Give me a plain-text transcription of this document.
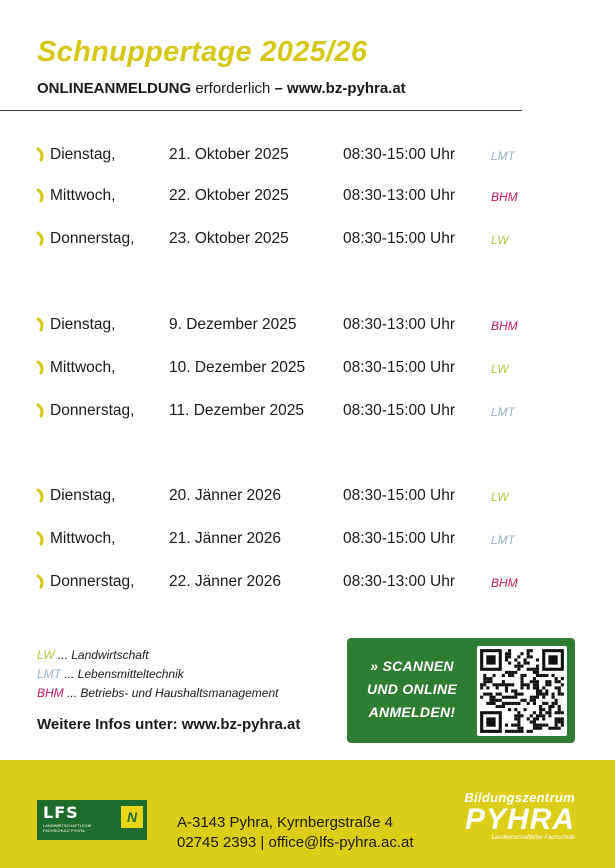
Schnuppertage 2025/26
ONLINEANMELDUNG erforderlich – www.bz-pyhra.at
Dienstag,	21. Oktober 2025	08:30-15:00 Uhr	LMT
Mittwoch,	22. Oktober 2025	08:30-13:00 Uhr	BHM
Donnerstag, 23. Oktober 2025	08:30-15:00 Uhr	LW
Dienstag,	9. Dezember 2025	08:30-13:00 Uhr	BHM
Mittwoch,	10. Dezember 2025 08:30-15:00 Uhr	LW
Donnerstag, 11. Dezember 2025	08:30-15:00 Uhr	LMT
Dienstag,	20. Jänner 2026	08:30-15:00 Uhr	LW
Mittwoch,	21. Jänner 2026	08:30-15:00 Uhr	LMT
Donnerstag, 22. Jänner 2026	08:30-13:00 Uhr	BHM
LW ... Landwirtschaft
LMT ... Lebensmitteltechnik
BHM ... Betriebs- und Haushaltsmanagement
Weitere Infos unter: www.bz-pyhra.at
» SCANNEN
UND ONLINE
ANMELDEN!
LFS
LANDWIRTSCHAFTLICHE FACHSCHULE PYHRA
N	A-3143 Pyhra, Kyrnbergstraße 4
02745 2393 | office@lfs-pyhra.ac.at
Bildungszentrum
PYHRA
Landwirtschaftliche Fachschule
